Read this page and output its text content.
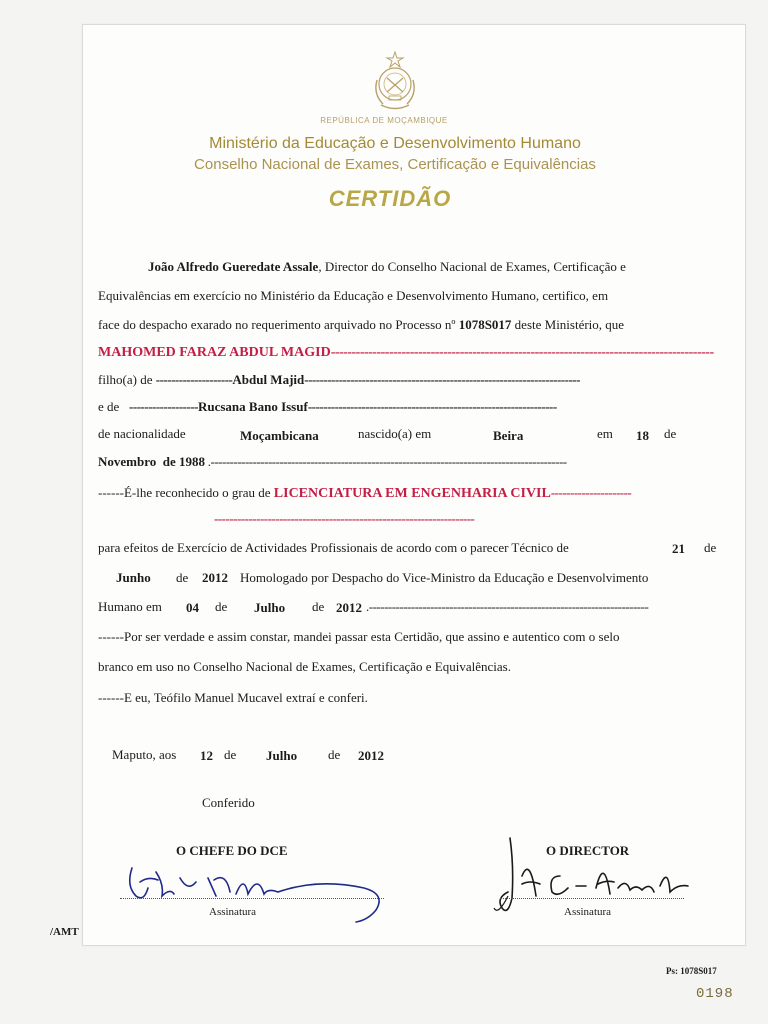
REPÚBLICA DE MOÇAMBIQUE
Ministério da Educação e Desenvolvimento Humano
Conselho Nacional de Exames, Certificação e Equivalências
CERTIDÃO
João Alfredo Gueredate Assale, Director do Conselho Nacional de Exames, Certificação e
Equivalências em exercício no Ministério da Educação e Desenvolvimento Humano, certifico, em
face do despacho exarado no requerimento arquivado no Processo nº 1078S017 deste Ministério, que
MAHOMED FARAZ ABDUL MAGID--------------------------------------------------------------------------------------------
filho(a) de --------------------Abdul Majid------------------------------------------------------------------------
e de ------------------Rucsana Bano Issuf-----------------------------------------------------------------
de nacionalidade	Moçambicana	nascido(a) em	Beira	em 18 de
Novembro  de 1988 .---------------------------------------------------------------------------------------------
------É-lhe reconhecido o grau de LICENCIATURA EM ENGENHARIA CIVIL---------------------
--------------------------------------------------------------------
para efeitos de Exercício de Actividades Profissionais de acordo com o parecer Técnico de	21 de
Junho de 2012 Homologado por Despacho do Vice-Ministro da Educação e Desenvolvimento
Humano em 04 de Julho de 2012 .-------------------------------------------------------------------------
------Por ser verdade e assim constar, mandei passar esta Certidão, que assino e autentico com o selo
branco em uso no Conselho Nacional de Exames, Certificação e Equivalências.
------E eu, Teófilo Manuel Mucavel extraí e conferi.
Maputo, aos 12 de Julho de 2012
Conferido
O CHEFE DO DCE	O DIRECTOR
Assinatura	Assinatura
/AMT
Ps: 1078S017
0198
